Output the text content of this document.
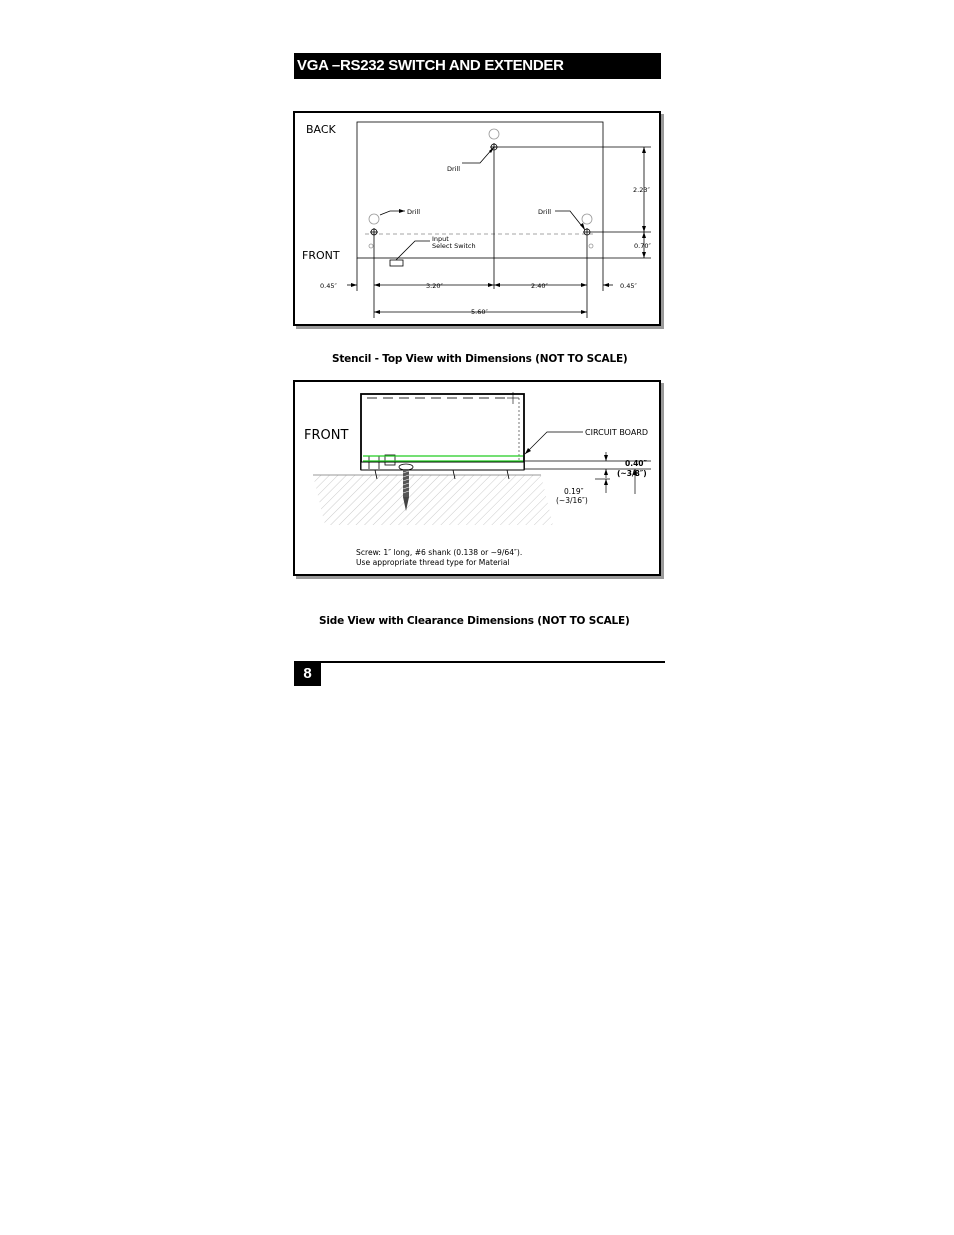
VGA –RS232 SWITCH AND EXTENDER
BACK
FRONT
Drill
Drill	Drill
Input
Select Switch
2.23″
0.70″
0.45″	3.20″	2.40″	0.45″
5.60″
Stencil - Top View with Dimensions (NOT TO SCALE)
FRONT	CIRCUIT BOARD
0.40″
(~3/8″)
0.19″
(~3/16″)
Screw: 1″ long, #6 shank (0.138 or ~9/64″).
Use appropriate thread type for Material
Side View with Clearance Dimensions (NOT TO SCALE)
8
